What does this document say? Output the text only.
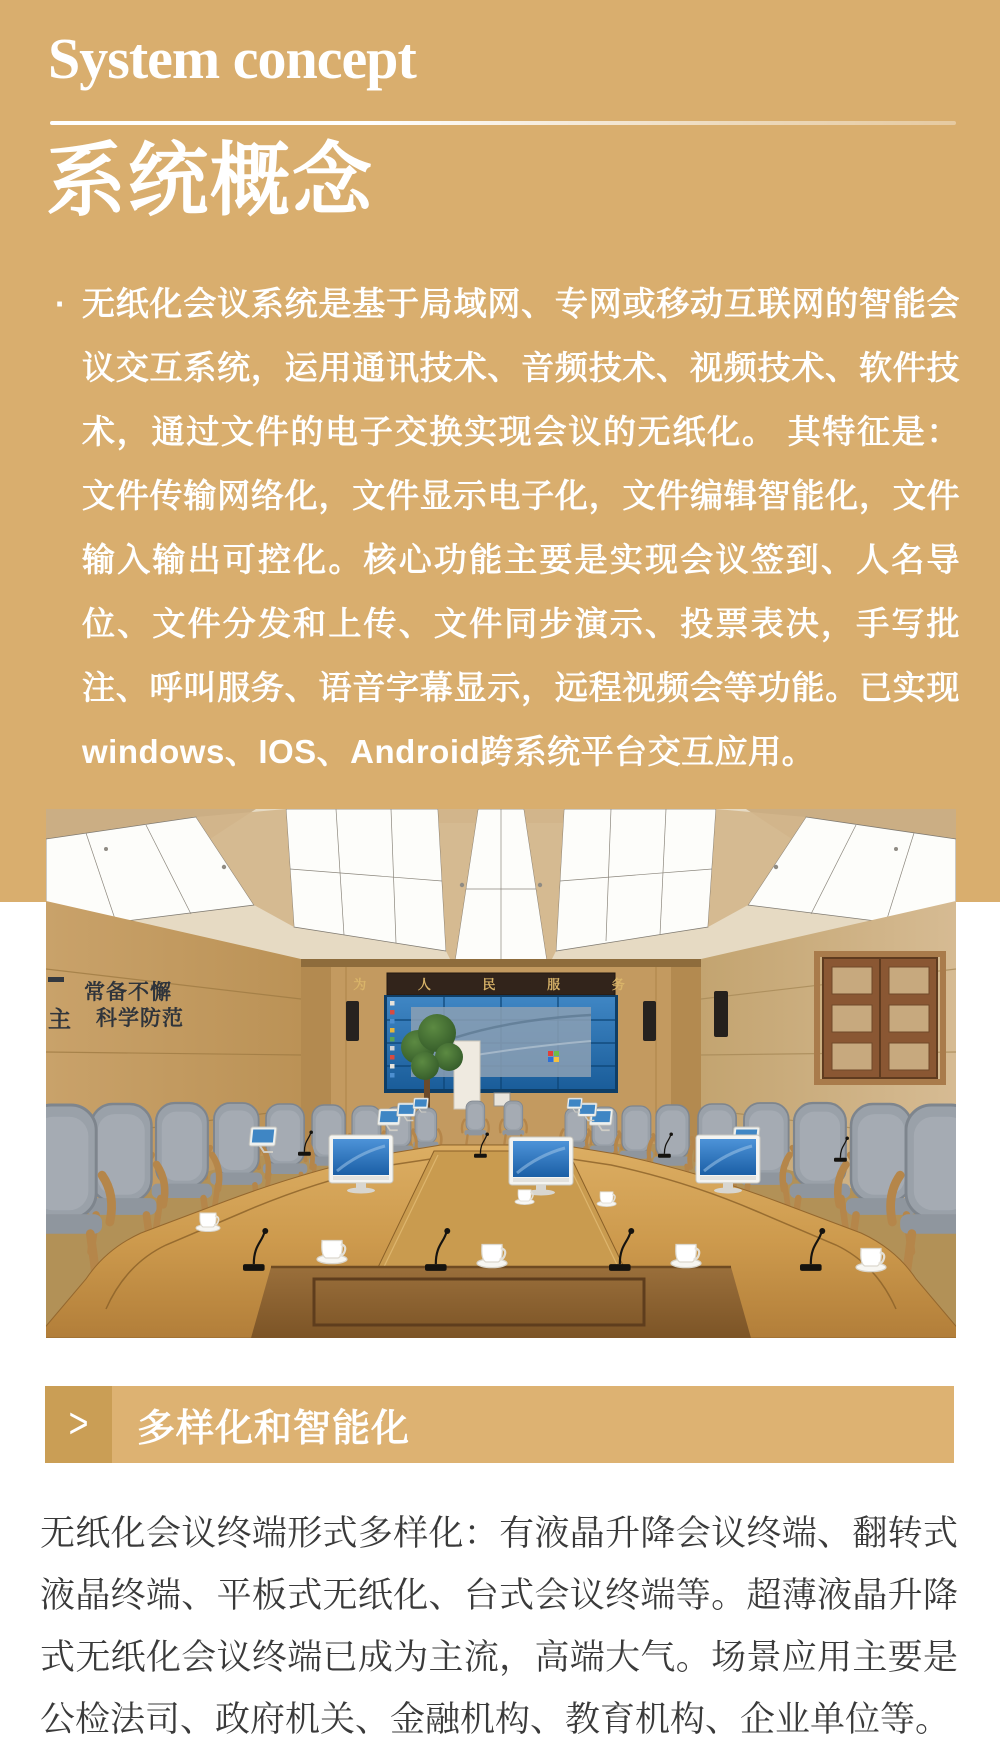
System concept
系统概念
· 无纸化会议系统是基于局域网、专网或移动互联网的智能会议交互系统，运用通讯技术、音频技术、视频技术、软件技术，通过文件的电子交换实现会议的无纸化。 其特征是：文件传输网络化，文件显示电子化，文件编辑智能化，文件输入输出可控化。核心功能主要是实现会议签到、人名导位、文件分发和上传、文件同步演示、投票表决，手写批注、呼叫服务、语音字幕显示，远程视频会等功能。已实现windows、IOS、Android跨系统平台交互应用。

为 人 民 服 务
主
常备不懈
科学防范
> 多样化和智能化

无纸化会议终端形式多样化：有液晶升降会议终端、翻转式液晶终端、平板式无纸化、台式会议终端等。超薄液晶升降式无纸化会议终端已成为主流，高端大气。场景应用主要是公检法司、政府机关、金融机构、教育机构、企业单位等。
